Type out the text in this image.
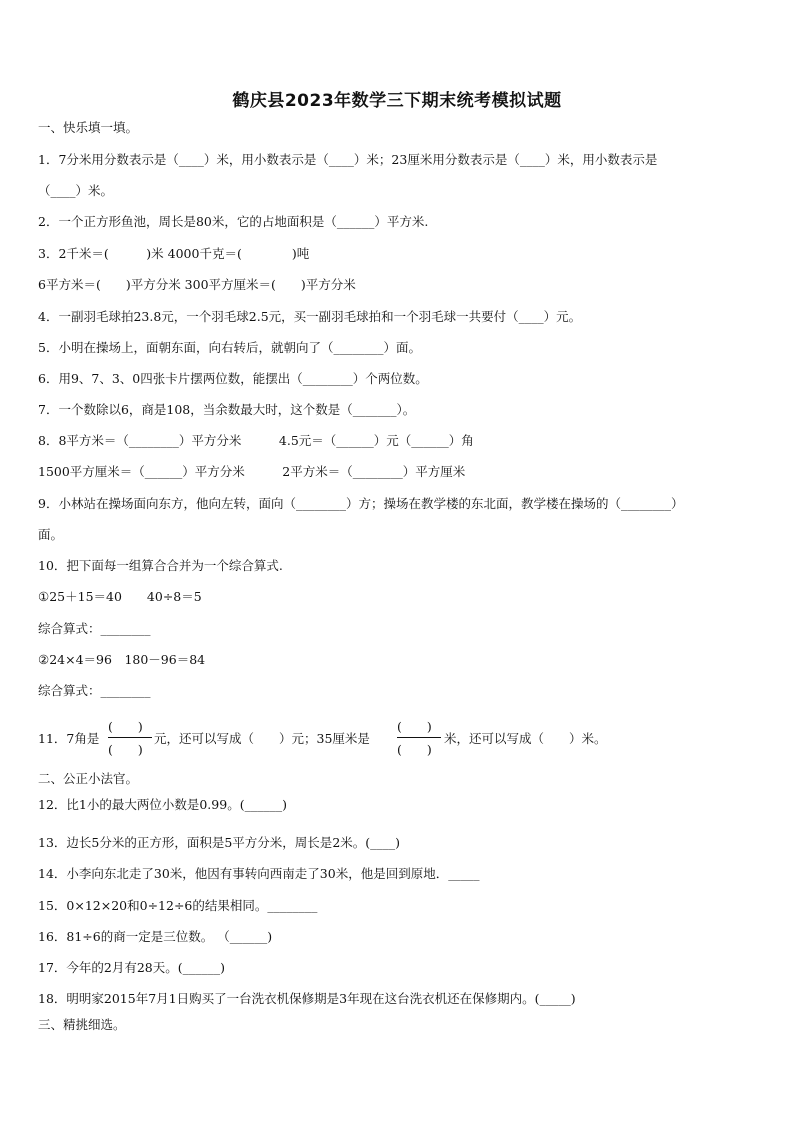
鹤庆县2023年数学三下期末统考模拟试题
一、快乐填一填。
1．7分米用分数表示是（____）米，用小数表示是（____）米；23厘米用分数表示是（____）米，用小数表示是
（____）米。
2．一个正方形鱼池，周长是80米，它的占地面积是（______）平方米.
3．2千米＝(　　　)米 4000千克＝(　　　　)吨
6平方米＝(　　)平方分米 300平方厘米＝(　　)平方分米
4．一副羽毛球拍23.8元，一个羽毛球2.5元，买一副羽毛球拍和一个羽毛球一共要付（____）元。
5．小明在操场上，面朝东面，向右转后，就朝向了（________）面。
6．用9、7、3、0四张卡片摆两位数，能摆出（________）个两位数。
7．一个数除以6，商是108，当余数最大时，这个数是（_______）。
8．8平方米＝（________）平方分米　　　4.5元＝（______）元（______）角
1500平方厘米＝（______）平方分米　　　2平方米＝（________）平方厘米
9．小林站在操场面向东方，他向左转，面向（________）方；操场在教学楼的东北面，教学楼在操场的（________）
面。
10．把下面每一组算合合并为一个综合算式.
①25＋15＝40　　40÷8＝5
综合算式：________
②24×4＝96　180－96＝84
综合算式：________
11．7角是
(　　)
(　　)
元，还可以写成（　　）元；35厘米是
(　　)
(　　)
米，还可以写成（　　）米。
二、公正小法官。
12．比1小的最大两位小数是0.99。(______)
13．边长5分米的正方形，面积是5平方分米，周长是2米。(____)
14．小李向东北走了30米，他因有事转向西南走了30米，他是回到原地．_____
15．0×12×20和0÷12÷6的结果相同。________
16．81÷6的商一定是三位数。 （______)
17．今年的2月有28天。(______)
18．明明家2015年7月1日购买了一台洗衣机保修期是3年现在这台洗衣机还在保修期内。(_____)
三、精挑细选。
